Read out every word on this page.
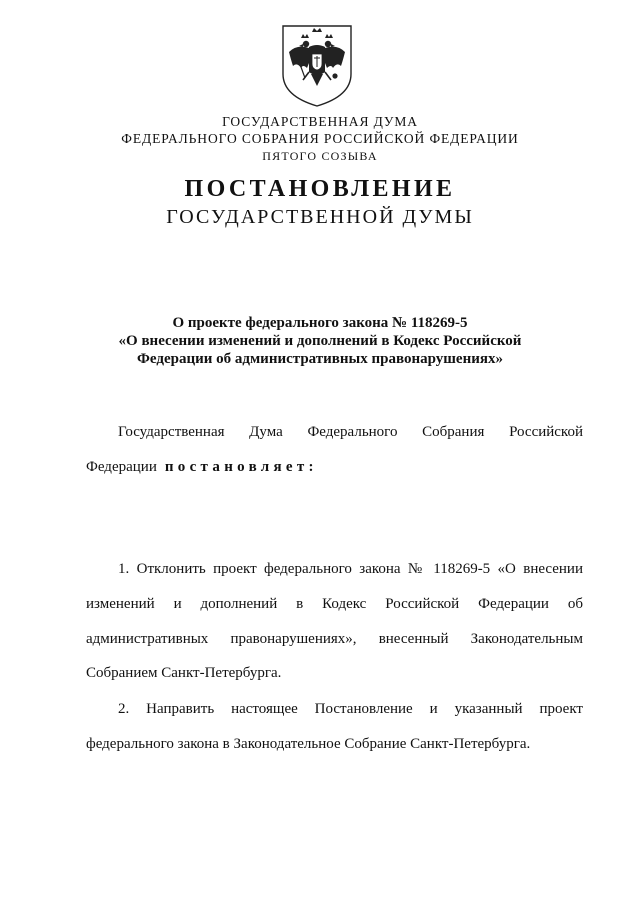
ГОСУДАРСТВЕННАЯ ДУМА
ФЕДЕРАЛЬНОГО СОБРАНИЯ РОССИЙСКОЙ ФЕДЕРАЦИИ
ПЯТОГО СОЗЫВА
ПОСТАНОВЛЕНИЕ
ГОСУДАРСТВЕННОЙ ДУМЫ
О проекте федерального закона № 118269-5
«О внесении изменений и дополнений в Кодекс Российской
Федерации об административных правонарушениях»
Государственная Дума Федерального Собрания Российской
Федерации постановляет:
1. Отклонить проект федерального закона № 118269-5 «О внесении
изменений и дополнений в Кодекс Российской Федерации об
административных правонарушениях», внесенный Законодательным
Собранием Санкт-Петербурга.
2. Направить настоящее Постановление и указанный проект
федерального закона в Законодательное Собрание Санкт-Петербурга.
